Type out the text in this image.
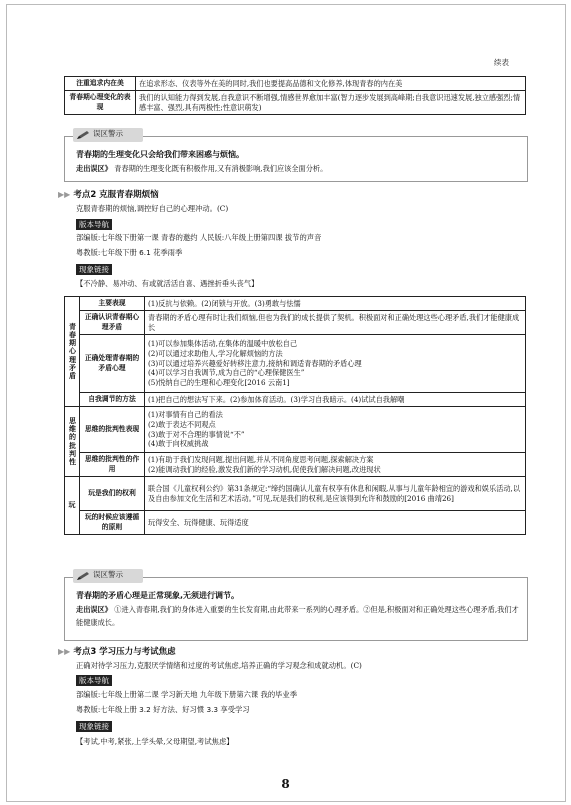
续表
注重追求内在美	在追求形态、仪表等外在美的同时,我们也要提高品德和文化修养,体现青春的内在美
青春期心理变化的表现	我们的认知能力得到发展,自我意识不断增强,情感世界愈加丰富(智力逐步发展到高峰期;自我意识迅速发展,独立感强烈;情感丰富、强烈,具有两极性;性意识萌发)
误区警示
青春期的生理变化只会给我们带来困惑与烦恼。
走出误区》 青春期的生理变化既有积极作用,又有消极影响,我们应该全面分析。
▶▶ 考点2 克服青春期烦恼
克服青春期的烦恼,调控好自己的心理冲动。(C)
版本导航
部编版:七年级下册第一课 青春的邀约 人民版:八年级上册第四课 拔节的声音
粤教版:七年级下册 6.1 花季雨季
现象链接
【不冷静、易冲动、有或就活活自喜、遇挫折垂头丧气】
青春期心理矛盾	主要表现	(1)反抗与依赖。(2)闭锁与开放。(3)勇敢与怯懦
	正确认识青春期心理矛盾	青春期的矛盾心理有时让我们烦恼,但也为我们的成长提供了契机。积极面对和正确处理这些心理矛盾,我们才能健康成长
	正确处理青春期的矛盾心理	(1)可以参加集体活动,在集体的温暖中放松自己
(2)可以通过求助他人,学习化解烦恼的方法
(3)可以通过培养兴趣爱好转移注意力,接纳和调适青春期的矛盾心理
(4)可以学习自我调节,成为自己的“心理保健医生”
(5)悦纳自己的生理和心理变化[2016 云南1]

	自我调节的方法	(1)把自己的想法写下来。(2)参加体育活动。(3)学习自我暗示。(4)试试自我解嘲

思维的批判性	思维的批判性表现	(1)对事情有自己的看法
(2)敢于表达不同观点
(3)敢于对不合理的事情说“不”
(4)敢于向权威挑战

	思维的批判性的作用	(1)有助于我们发现问题,提出问题,并从不同角度思考问题,探索解决方案
(2)能调动我们的经验,激发我们新的学习动机,促使我们解决问题,改进现状

玩	玩是我们的权利	联合国《儿童权利公约》第31条规定:“缔约国确认儿童有权享有休息和闲暇,从事与儿童年龄相宜的游戏和娱乐活动,以及自由参加文化生活和艺术活动。”可见,玩是我们的权利,是应该得到允许和鼓励的[2016 曲靖26]
	玩的时候应该遵循的原则	玩得安全、玩得健康、玩得适度
误区警示
青春期的矛盾心理是正常现象,无须进行调节。
走出误区》 ①进入青春期,我们的身体进入重要的生长发育期,由此带来一系列的心理矛盾。②但是,积极面对和正确处理这些心理矛盾,我们才能健康成长。
▶▶ 考点3 学习压力与考试焦虑
正确对待学习压力,克服厌学情绪和过度的考试焦虑,培养正确的学习观念和成就动机。(C)
版本导航
部编版:七年级上册第二课 学习新天地 九年级下册第六课 我的毕业季
粤教版:七年级上册 3.2 好方法、好习惯 3.3 享受学习
现象链接
【考试,中考,紧张,上学头晕,父母期望,考试焦虑】
8
